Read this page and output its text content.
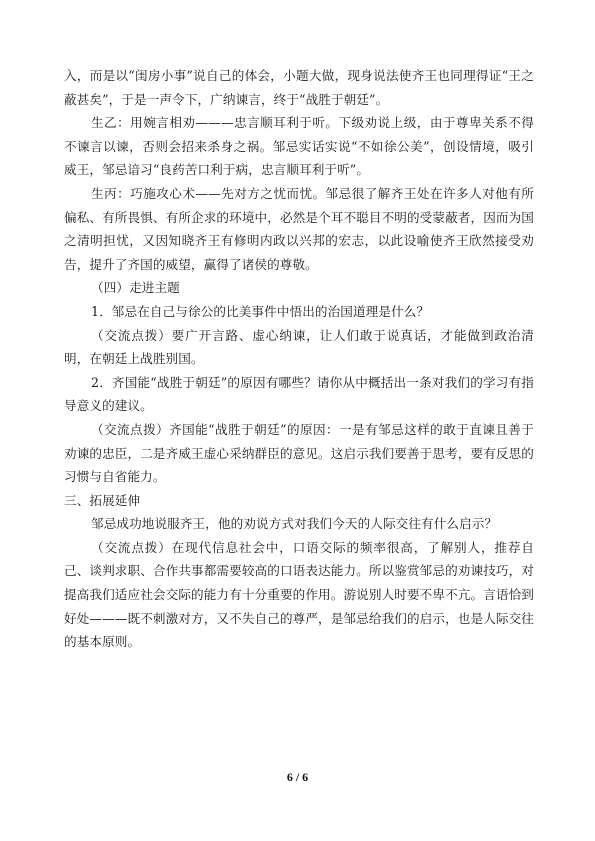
入，而是以“闺房小事”说自己的体会，小题大做，现身说法使齐王也同理得证“王之蔽甚矣”，于是一声令下，广纳谏言，终于“战胜于朝廷”。

生乙：用婉言相劝———忠言顺耳利于听。下级劝说上级，由于尊卑关系不得不谏言以谏，否则会招来杀身之祸。邹忌实话实说“不如徐公美”，创设情境，吸引威王，邹忌谙习“良药苦口利于病，忠言顺耳利于听”。

生丙：巧施攻心术——先对方之忧而忧。邹忌很了解齐王处在许多人对他有所偏私、有所畏惧、有所企求的环境中，必然是个耳不聪目不明的受蒙蔽者，因而为国之清明担忧，又因知晓齐王有修明内政以兴邦的宏志，以此设喻使齐王欣然接受劝告，提升了齐国的威望，赢得了诸侯的尊敬。

（四）走进主题

1．邹忌在自己与徐公的比美事件中悟出的治国道理是什么？

（交流点拨）要广开言路、虚心纳谏，让人们敢于说真话，才能做到政治清明，在朝廷上战胜别国。

2．齐国能“战胜于朝廷”的原因有哪些？请你从中概括出一条对我们的学习有指导意义的建议。

（交流点拨）齐国能“战胜于朝廷”的原因：一是有邹忌这样的敢于直谏且善于劝谏的忠臣，二是齐威王虚心采纳群臣的意见。这启示我们要善于思考，要有反思的习惯与自省能力。

三、拓展延伸

邹忌成功地说服齐王，他的劝说方式对我们今天的人际交往有什么启示？

（交流点拨）在现代信息社会中，口语交际的频率很高，了解别人，推荐自己、谈判求职、合作共事都需要较高的口语表达能力。所以鉴赏邹忌的劝谏技巧，对提高我们适应社会交际的能力有十分重要的作用。游说别人时要不卑不亢。言语恰到好处———既不刺激对方，又不失自己的尊严，是邹忌给我们的启示，也是人际交往的基本原则。

6 / 6
